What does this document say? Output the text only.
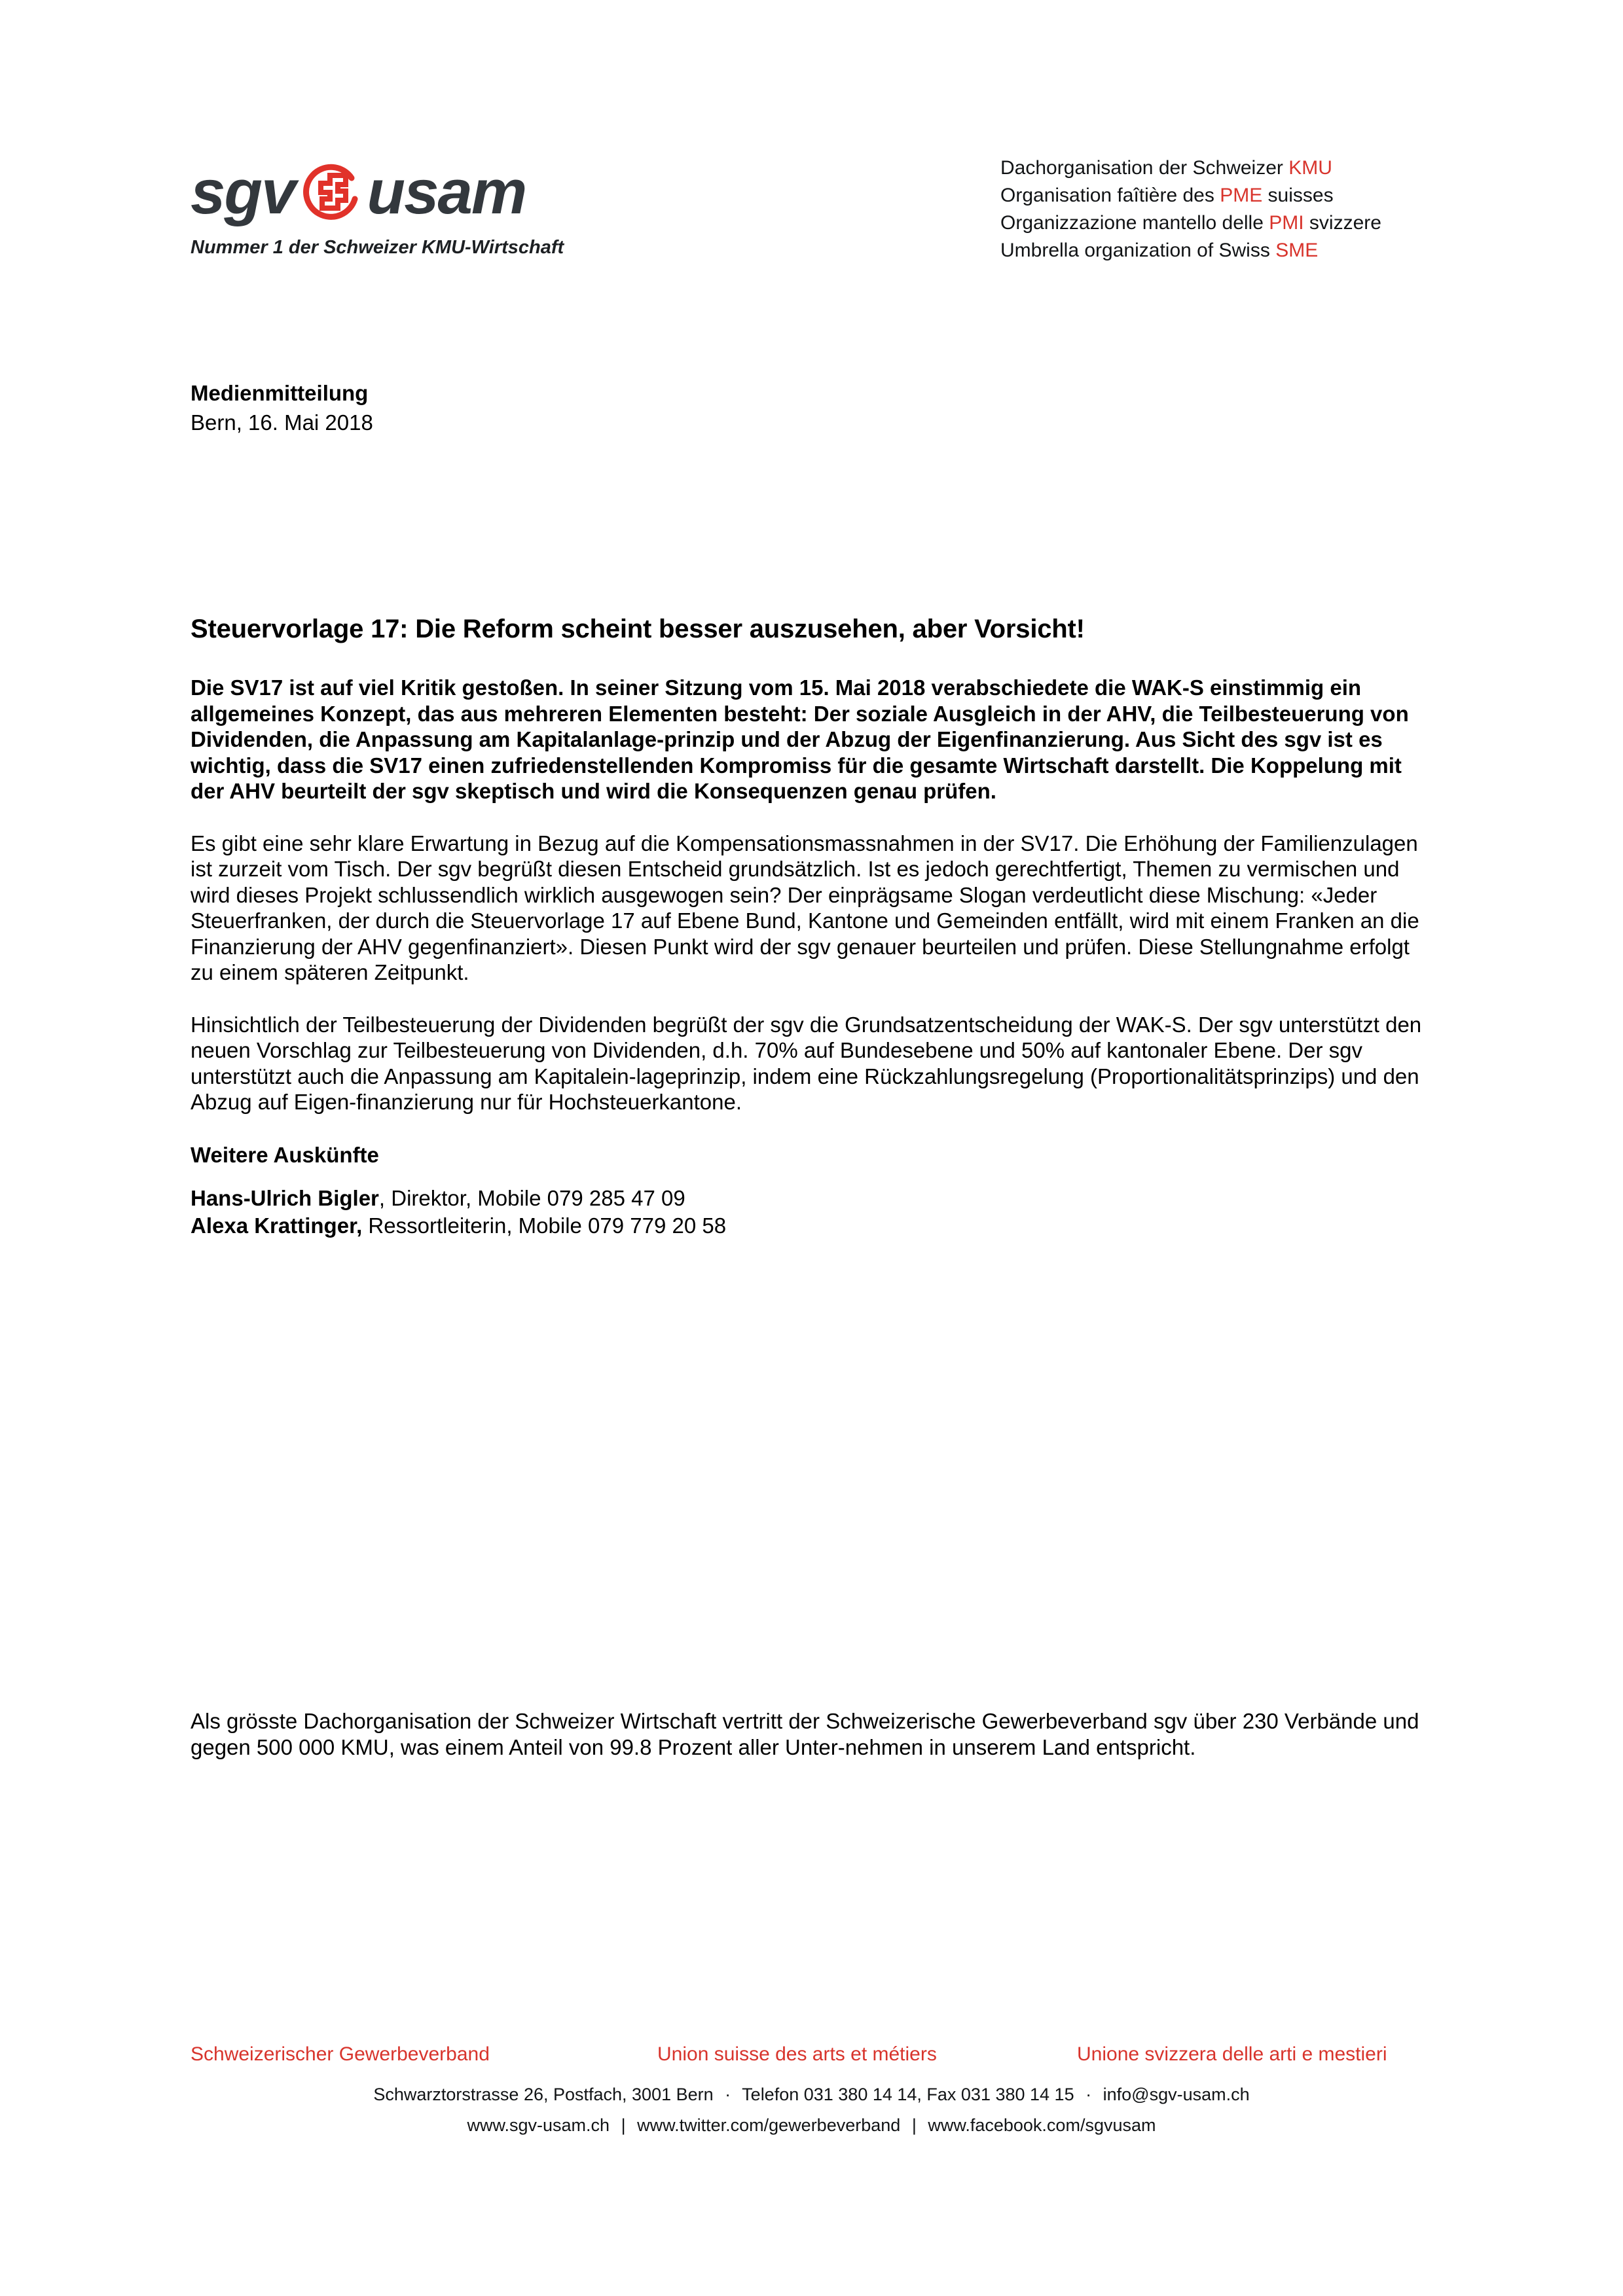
sgv usam
Nummer 1 der Schweizer KMU-Wirtschaft
Dachorganisation der Schweizer KMU
Organisation faîtière des PME suisses
Organizzazione mantello delle PMI svizzere
Umbrella organization of Swiss SME
Medienmitteilung
Bern, 16. Mai 2018
Steuervorlage 17: Die Reform scheint besser auszusehen, aber Vorsicht!

Die SV17 ist auf viel Kritik gestoßen. In seiner Sitzung vom 15. Mai 2018 verabschiedete die WAK-S einstimmig ein allgemeines Konzept, das aus mehreren Elementen besteht: Der soziale Ausgleich in der AHV, die Teilbesteuerung von Dividenden, die Anpassung am Kapitalanlage-prinzip und der Abzug der Eigenfinanzierung. Aus Sicht des sgv ist es wichtig, dass die SV17 einen zufriedenstellenden Kompromiss für die gesamte Wirtschaft darstellt. Die Koppelung mit der AHV beurteilt der sgv skeptisch und wird die Konsequenzen genau prüfen.

Es gibt eine sehr klare Erwartung in Bezug auf die Kompensationsmassnahmen in der SV17. Die Erhöhung der Familienzulagen ist zurzeit vom Tisch. Der sgv begrüßt diesen Entscheid grundsätzlich. Ist es jedoch gerechtfertigt, Themen zu vermischen und wird dieses Projekt schlussendlich wirklich ausgewogen sein? Der einprägsame Slogan verdeutlicht diese Mischung: «Jeder Steuerfranken, der durch die Steuervorlage 17 auf Ebene Bund, Kantone und Gemeinden entfällt, wird mit einem Franken an die Finanzierung der AHV gegenfinanziert». Diesen Punkt wird der sgv genauer beurteilen und prüfen. Diese Stellungnahme erfolgt zu einem späteren Zeitpunkt.

Hinsichtlich der Teilbesteuerung der Dividenden begrüßt der sgv die Grundsatzentscheidung der WAK-S. Der sgv unterstützt den neuen Vorschlag zur Teilbesteuerung von Dividenden, d.h. 70% auf Bundesebene und 50% auf kantonaler Ebene. Der sgv unterstützt auch die Anpassung am Kapitalein-lageprinzip, indem eine Rückzahlungsregelung (Proportionalitätsprinzips) und den Abzug auf Eigen-finanzierung nur für Hochsteuerkantone.

Weitere Auskünfte

Hans-Ulrich Bigler, Direktor, Mobile 079 285 47 09

Alexa Krattinger, Ressortleiterin, Mobile 079 779 20 58

Als grösste Dachorganisation der Schweizer Wirtschaft vertritt der Schweizerische Gewerbeverband sgv über 230 Verbände und gegen 500 000 KMU, was einem Anteil von 99.8 Prozent aller Unter-nehmen in unserem Land entspricht.
Schweizerischer Gewerbeverband	Union suisse des arts et métiers	Unione svizzera delle arti e mestieri
Schwarztorstrasse 26, Postfach, 3001 Bern · Telefon 031 380 14 14, Fax 031 380 14 15 · info@sgv-usam.ch
www.sgv-usam.ch | www.twitter.com/gewerbeverband | www.facebook.com/sgvusam
